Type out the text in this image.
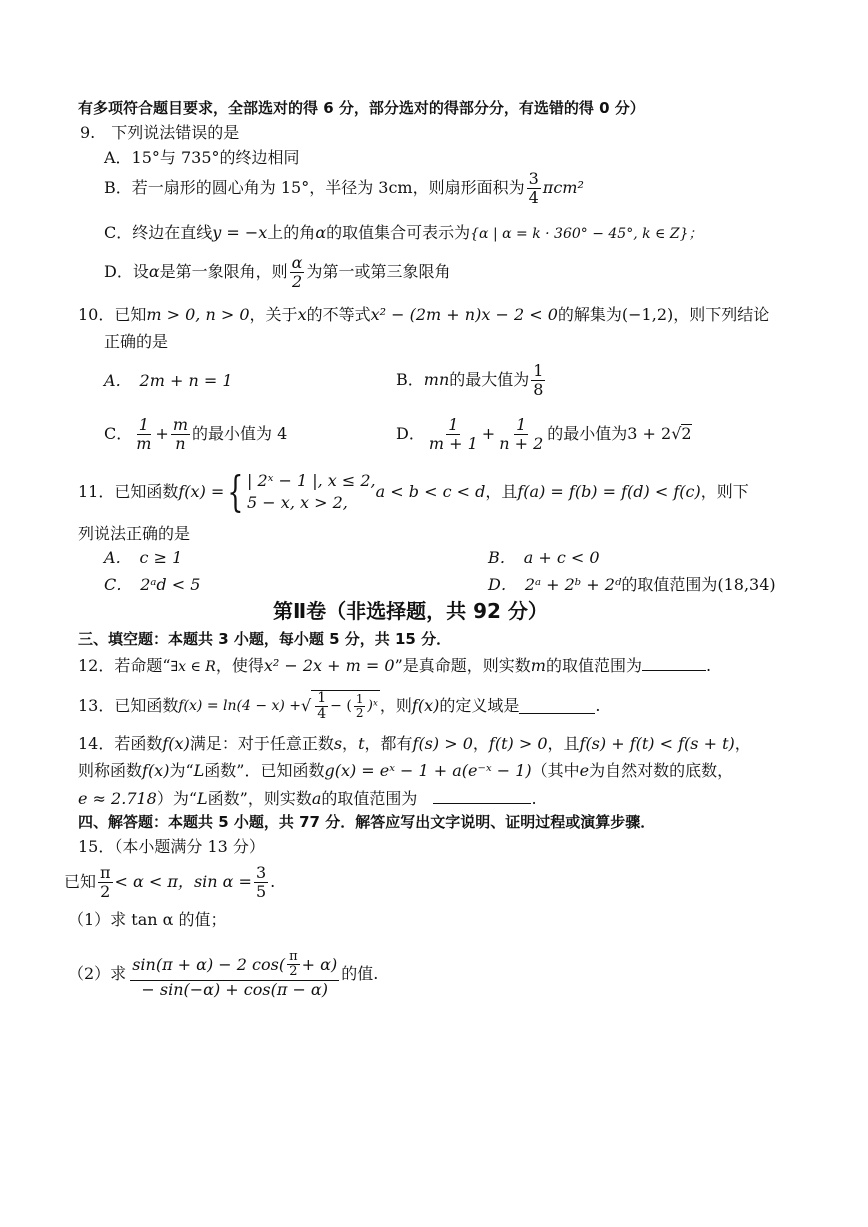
有多项符合题目要求，全部选对的得 6 分，部分选对的得部分分，有选错的得 0 分）
9.　下列说法错误的是
A．15°与 735°的终边相同
B．若一扇形的圆心角为 15°，半径为 3cm，则扇形面积为 $\frac{3}{4} \pi cm^2$
C．终边在直线y = −x上的角α的取值集合可表示为{α | α = k · 360° − 45°, k ∈ Z}；
D．设 α 是第一象限角，则 $\frac{\alpha}{2}$ 为第一或第三象限角
10．已知m > 0, n > 0，关于x的不等式x² − (2m + n)x − 2 < 0的解集为(−1,2)，则下列结论
正确的是
A．　2m + n = 1	B． mn 的最大值为 $\frac{1}{8}$
C． $\frac{1}{m} + \frac{m}{n}$ 的最小值为 4	D． $\frac{1}{m + 1} + \frac{1}{n + 2}$ 的最小值为 3 + 2 √ 2
11．已知函数 f(x) = { | 2ˣ − 1 |, x ≤ 2,
5 − x, x > 2,
a < b < c < d ，且 f(a) = f(b) = f(d) < f(c) ，则下
列说法正确的是
A．　c ≥ 1	B．　a + c < 0
C．　2ᵃd < 5	D．　2ᵃ + 2ᵇ + 2ᵈ的取值范围为(18,34)
第Ⅱ卷（非选择题，共 92 分）
三、填空题：本题共 3 小题，每小题 5 分，共 15 分．
12．若命题“∃x ∈ R，使得x² − 2x + m = 0”是真命题，则实数m的取值范围为	.
13．已知函数 f(x) = ln(4 − x) + √ $\frac{1}{4}$ − ( $\frac{1}{2}$ )ˣ ，则 f(x) 的定义域是	.
14．若函数f(x)满足：对于任意正数s，t，都有f(s) > 0，f(t) > 0，且f(s) + f(t) < f(s + t)，
则称函数f(x)为“L函数”．已知函数g(x) = eˣ − 1 + a(e⁻ˣ − 1)（其中e为自然对数的底数，
e ≈ 2.718）为“L函数”，则实数a的取值范围为　	.
四、解答题：本题共 5 小题，共 77 分．解答应写出文字说明、证明过程或演算步骤．
15．（本小题满分 13 分）
已知 $\frac{\pi}{2} < \alpha < \pi$， $\sin \alpha = \frac{3}{5}$ .
（1）求 tan α 的值；
（2）求 $\frac{\sin(\pi + \alpha) - 2 \cos( \frac{\pi}{2} + \alpha)}{- \sin(-\alpha) + \cos(\pi - \alpha)}$ 的值.
